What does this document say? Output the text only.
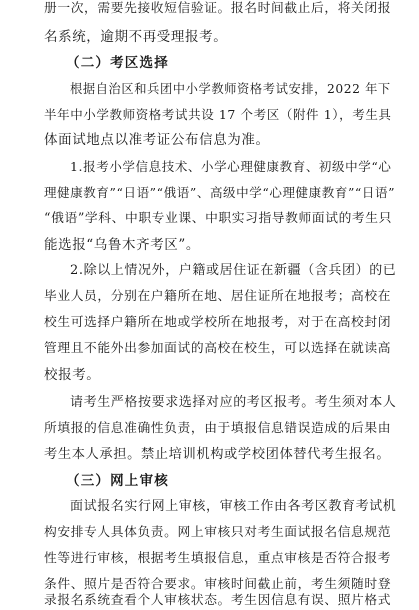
册一次，需要先接收短信验证。报名时间截止后，将关闭报
名系统，逾期不再受理报考。
（二）考区选择
根据自治区和兵团中小学教师资格考试安排，2022 年下
半年中小学教师资格考试共设 17 个考区（附件 1），考生具
体面试地点以准考证公布信息为准。
1.报考小学信息技术、小学心理健康教育、初级中学“心
理健康教育”“日语”“俄语”、高级中学“心理健康教育”“日语”
“俄语”学科、中职专业课、中职实习指导教师面试的考生只
能选报“乌鲁木齐考区”。
2.除以上情况外，户籍或居住证在新疆（含兵团）的已
毕业人员，分别在户籍所在地、居住证所在地报考；高校在
校生可选择户籍所在地或学校所在地报考，对于在高校封闭
管理且不能外出参加面试的高校在校生，可以选择在就读高
校报考。
请考生严格按要求选择对应的考区报考。考生须对本人
所填报的信息准确性负责，由于填报信息错误造成的后果由
考生本人承担。禁止培训机构或学校团体替代考生报名。
（三）网上审核
面试报名实行网上审核，审核工作由各考区教育考试机
构安排专人具体负责。网上审核只对考生面试报名信息规范
性等进行审核，根据考生填报信息，重点审核是否符合报考
条件、照片是否符合要求。审核时间截止前，考生须随时登
录报名系统查看个人审核状态。考生因信息有误、照片格式
